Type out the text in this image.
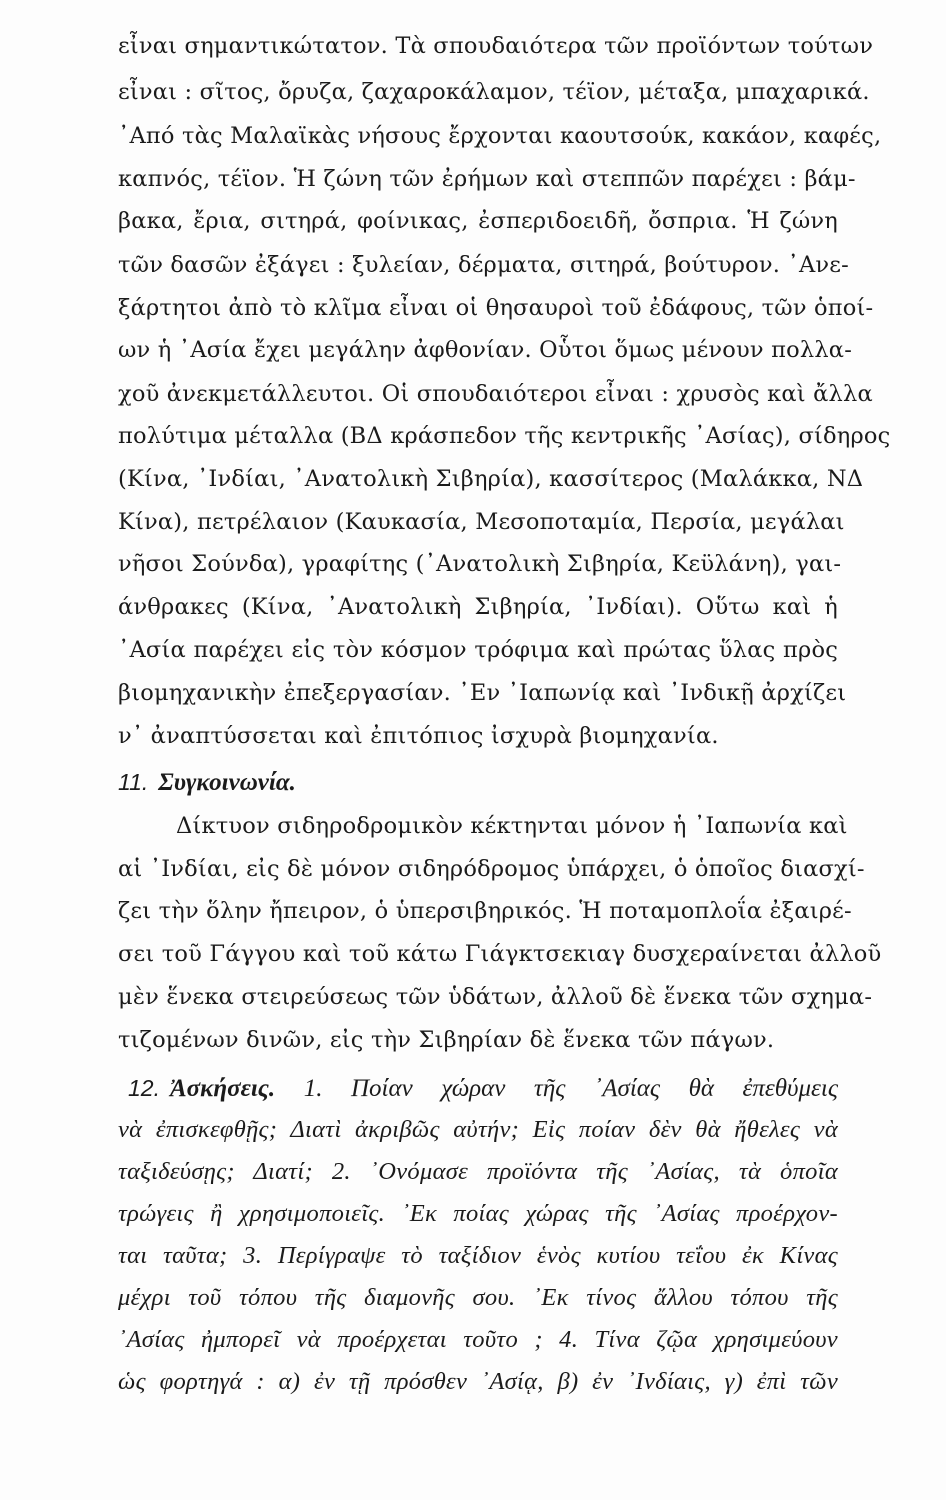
εἶναι σημαντικώτατον. Τὰ σπουδαιότερα τῶν προϊόντων τούτων
εἶναι : σῖτος, ὄρυζα, ζαχαροκάλαμον, τέϊον, μέταξα, μπαχαρικά.
᾿Από τὰς Μαλαϊκὰς νήσους ἔρχονται καουτσούκ, κακάον, καφές,
καπνός, τέϊον. Ἡ ζώνη τῶν ἐρήμων καὶ στεππῶν παρέχει : βάμ-
βακα, ἔρια, σιτηρά, φοίνικας, ἐσπεριδοειδῆ, ὄσπρια. Ἡ ζώνη
τῶν δασῶν ἐξάγει : ξυλείαν, δέρματα, σιτηρά, βούτυρον. ᾿Ανε-
ξάρτητοι ἀπὸ τὸ κλῖμα εἶναι οἱ θησαυροὶ τοῦ ἐδάφους, τῶν ὁποί-
ων ἡ ᾿Ασία ἔχει μεγάλην ἀφθονίαν. Οὗτοι ὅμως μένουν πολλα-
χοῦ ἀνεκμετάλλευτοι. Οἱ σπουδαιότεροι εἶναι : χρυσὸς καὶ ἄλλα
πολύτιμα μέταλλα (ΒΔ κράσπεδον τῆς κεντρικῆς ᾿Ασίας), σίδηρος
(Κίνα, ᾿Ινδίαι, ᾿Ανατολικὴ Σιβηρία), κασσίτερος (Μαλάκκα, ΝΔ
Κίνα), πετρέλαιον (Καυκασία, Μεσοποταμία, Περσία, μεγάλαι
νῆσοι Σούνδα), γραφίτης (᾿Ανατολικὴ Σιβηρία, Κεϋλάνη), γαι-
άνθρακες (Κίνα, ᾿Ανατολικὴ Σιβηρία, ᾿Ινδίαι). Οὕτω καὶ ἡ
᾿Ασία παρέχει εἰς τὸν κόσμον τρόφιμα καὶ πρώτας ὕλας πρὸς
βιομηχανικὴν ἐπεξεργασίαν. ᾿Εν ᾿Ιαπωνίᾳ καὶ ᾿Ινδικῇ ἀρχίζει
ν᾿ ἀναπτύσσεται καὶ ἐπιτόπιος ἰσχυρὰ βιομηχανία.
11. Συγκοινωνία.
Δίκτυον σιδηροδρομικὸν κέκτηνται μόνον ἡ ᾿Ιαπωνία καὶ
αἱ ᾿Ινδίαι, εἰς δὲ μόνον σιδηρόδρομος ὑπάρχει, ὁ ὁποῖος διασχί-
ζει τὴν ὅλην ἤπειρον, ὁ ὑπερσιβηρικός. Ἡ ποταμοπλοΐα ἐξαιρέ-
σει τοῦ Γάγγου καὶ τοῦ κάτω Γιάγκτσεκιαγ δυσχεραίνεται ἀλλοῦ
μὲν ἕνεκα στειρεύσεως τῶν ὑδάτων, ἀλλοῦ δὲ ἕνεκα τῶν σχημα-
τιζομένων δινῶν, εἰς τὴν Σιβηρίαν δὲ ἕνεκα τῶν πάγων.
12. Ἀσκήσεις. 1. Ποίαν χώραν τῆς ᾿Ασίας θὰ ἐπεθύμεις
νὰ ἐπισκεφθῇς; Διατὶ ἀκριβῶς αὐτήν; Εἰς ποίαν δὲν θὰ ἤθελες νὰ
ταξιδεύσῃς; Διατί; 2. ᾿Ονόμασε προϊόντα τῆς ᾿Ασίας, τὰ ὁποῖα
τρώγεις ἢ χρησιμοποιεῖς. ᾿Εκ ποίας χώρας τῆς ᾿Ασίας προέρχον-
ται ταῦτα; 3. Περίγραψε τὸ ταξίδιον ἑνὸς κυτίου τεΐου ἐκ Κίνας
μέχρι τοῦ τόπου τῆς διαμονῆς σου. ᾿Εκ τίνος ἄλλου τόπου τῆς
᾿Ασίας ἠμπορεῖ νὰ προέρχεται τοῦτο ; 4. Τίνα ζῷα χρησιμεύουν
ὡς φορτηγά : α) ἐν τῇ πρόσθεν ᾿Ασίᾳ, β) ἐν ᾿Ινδίαις, γ) ἐπὶ τῶν
